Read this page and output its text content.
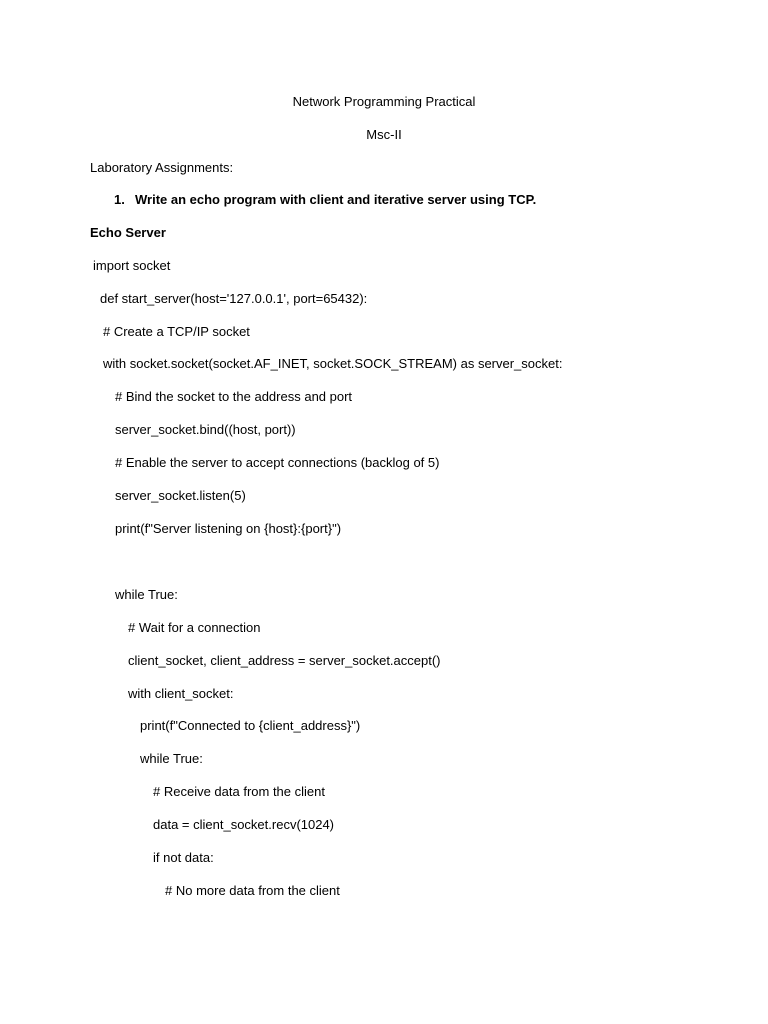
Network Programming Practical
Msc-II
Laboratory Assignments:
1. Write an echo program with client and iterative server using TCP.
Echo Server
import socket
def start_server(host='127.0.0.1', port=65432):
# Create a TCP/IP socket
with socket.socket(socket.AF_INET, socket.SOCK_STREAM) as server_socket:
# Bind the socket to the address and port
server_socket.bind((host, port))
# Enable the server to accept connections (backlog of 5)
server_socket.listen(5)
print(f"Server listening on {host}:{port}")
while True:
# Wait for a connection
client_socket, client_address = server_socket.accept()
with client_socket:
print(f"Connected to {client_address}")
while True:
# Receive data from the client
data = client_socket.recv(1024)
if not data:
# No more data from the client
